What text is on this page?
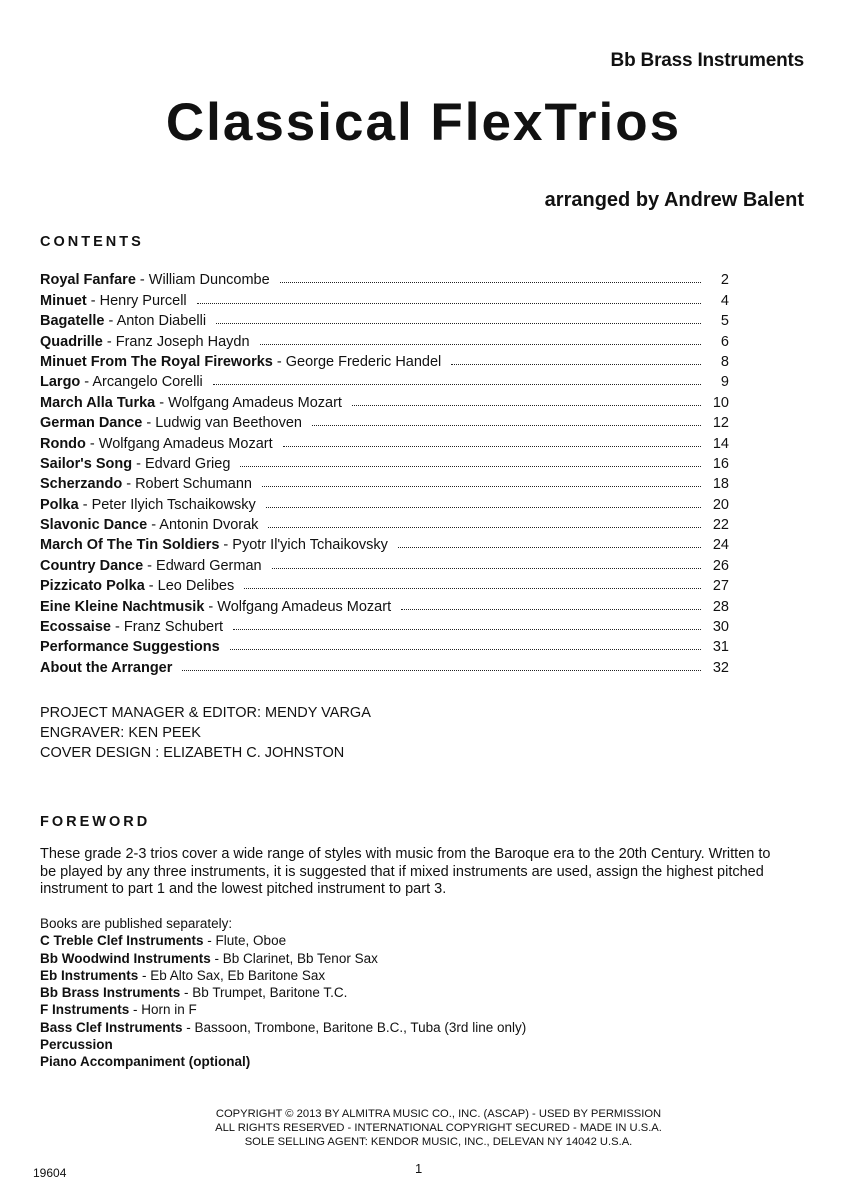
Bb Brass Instruments
Classical FlexTrios
arranged by Andrew Balent
CONTENTS
Royal Fanfare - William Duncombe	2
Minuet - Henry Purcell	4
Bagatelle - Anton Diabelli	5
Quadrille - Franz Joseph Haydn	6
Minuet From The Royal Fireworks - George Frederic Handel	8
Largo - Arcangelo Corelli	9
March Alla Turka - Wolfgang Amadeus Mozart	10
German Dance - Ludwig van Beethoven	12
Rondo - Wolfgang Amadeus Mozart	14
Sailor's Song - Edvard Grieg	16
Scherzando - Robert Schumann	18
Polka - Peter Ilyich Tschaikowsky	20
Slavonic Dance - Antonin Dvorak	22
March Of The Tin Soldiers - Pyotr Il'yich Tchaikovsky	24
Country Dance - Edward German	26
Pizzicato Polka - Leo Delibes	27
Eine Kleine Nachtmusik - Wolfgang Amadeus Mozart	28
Ecossaise - Franz Schubert	30
Performance Suggestions	31
About the Arranger	32
PROJECT MANAGER & EDITOR: MENDY VARGA
ENGRAVER: KEN PEEK
COVER DESIGN : ELIZABETH C. JOHNSTON
FOREWORD

These grade 2-3 trios cover a wide range of styles with music from the Baroque era to the 20th Century. Written to be played by any three instruments, it is suggested that if mixed instruments are used, assign the highest pitched instrument to part 1 and the lowest pitched instrument to part 3.

Books are published separately:
C Treble Clef Instruments - Flute, Oboe
Bb Woodwind Instruments - Bb Clarinet, Bb Tenor Sax
Eb Instruments - Eb Alto Sax, Eb Baritone Sax
Bb Brass Instruments - Bb Trumpet, Baritone T.C.
F Instruments - Horn in F
Bass Clef Instruments - Bassoon, Trombone, Baritone B.C., Tuba (3rd line only)
Percussion
Piano Accompaniment (optional)
COPYRIGHT © 2013 BY ALMITRA MUSIC CO., INC. (ASCAP) - USED BY PERMISSION
ALL RIGHTS RESERVED - INTERNATIONAL COPYRIGHT SECURED - MADE IN U.S.A.
SOLE SELLING AGENT: KENDOR MUSIC, INC., DELEVAN NY 14042 U.S.A.
19604	1
